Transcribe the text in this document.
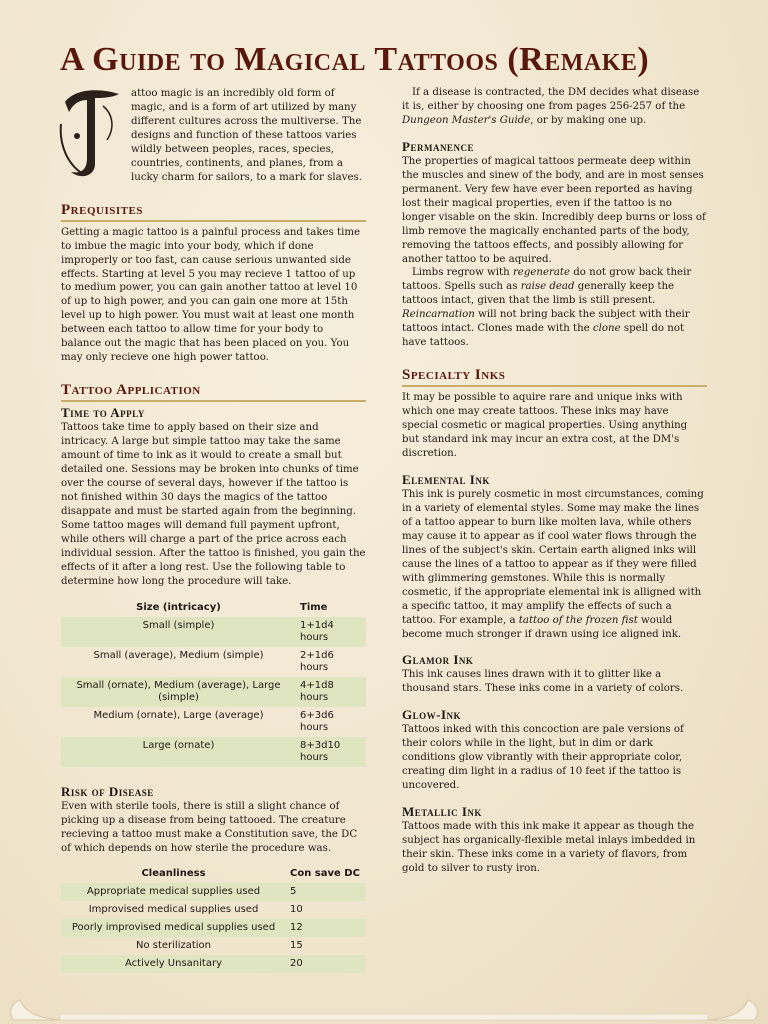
A Guide to Magical Tattoos (Remake)

attoo magic is an incredibly old form of magic, and is a form of art utilized by many different cultures across the multiverse. The designs and function of these tattoos varies wildly between peoples, races, species, countries, continents, and planes, from a lucky charm for sailors, to a mark for slaves.

Prequisites

Getting a magic tattoo is a painful process and takes time to imbue the magic into your body, which if done improperly or too fast, can cause serious unwanted side effects. Starting at level 5 you may recieve 1 tattoo of up to medium power, you can gain another tattoo at level 10 of up to high power, and you can gain one more at 15th level up to high power. You must wait at least one month between each tattoo to allow time for your body to balance out the magic that has been placed on you. You may only recieve one high power tattoo.

Tattoo Application
Time to Apply

Tattoos take time to apply based on their size and intricacy. A large but simple tattoo may take the same amount of time to ink as it would to create a small but detailed one. Sessions may be broken into chunks of time over the course of several days, however if the tattoo is not finished within 30 days the magics of the tattoo disappate and must be started again from the beginning. Some tattoo mages will demand full payment upfront, while others will charge a part of the price across each individual session. After the tattoo is finished, you gain the effects of it after a long rest. Use the following table to determine how long the procedure will take.

Size (intricacy)	Time
Small (simple)	1+1d4 hours
Small (average), Medium (simple)	2+1d6 hours
Small (ornate), Medium (average), Large (simple)	4+1d8 hours
Medium (ornate), Large (average)	6+3d6 hours
Large (ornate)	8+3d10 hours
Risk of Disease

Even with sterile tools, there is still a slight chance of picking up a disease from being tattooed. The creature recieving a tattoo must make a Constitution save, the DC of which depends on how sterile the procedure was.

Cleanliness	Con save DC
Appropriate medical supplies used	5
Improvised medical supplies used	10
Poorly improvised medical supplies used	12
No sterilization	15
Actively Unsanitary	20

If a disease is contracted, the DM decides what disease it is, either by choosing one from pages 256-257 of the Dungeon Master's Guide, or by making one up.

Permanence

The properties of magical tattoos permeate deep within the muscles and sinew of the body, and are in most senses permanent. Very few have ever been reported as having lost their magical properties, even if the tattoo is no longer visable on the skin. Incredibly deep burns or loss of limb remove the magically enchanted parts of the body, removing the tattoos effects, and possibly allowing for another tattoo to be aquired.

Limbs regrow with regenerate do not grow back their tattoos. Spells such as raise dead generally keep the tattoos intact, given that the limb is still present. Reincarnation will not bring back the subject with their tattoos intact. Clones made with the clone spell do not have tattoos.

Specialty Inks

It may be possible to aquire rare and unique inks with which one may create tattoos. These inks may have special cosmetic or magical properties. Using anything but standard ink may incur an extra cost, at the DM's discretion.

Elemental Ink

This ink is purely cosmetic in most circumstances, coming in a variety of elemental styles. Some may make the lines of a tattoo appear to burn like molten lava, while others may cause it to appear as if cool water flows through the lines of the subject's skin. Certain earth aligned inks will cause the lines of a tattoo to appear as if they were filled with glimmering gemstones. While this is normally cosmetic, if the appropriate elemental ink is alligned with a specific tattoo, it may amplify the effects of such a tattoo. For example, a tattoo of the frozen fist would become much stronger if drawn using ice aligned ink.

Glamor Ink

This ink causes lines drawn with it to glitter like a thousand stars. These inks come in a variety of colors.

Glow-Ink

Tattoos inked with this concoction are pale versions of their colors while in the light, but in dim or dark conditions glow vibrantly with their appropriate color, creating dim light in a radius of 10 feet if the tattoo is uncovered.

Metallic Ink

Tattoos made with this ink make it appear as though the subject has organically-flexible metal inlays imbedded in their skin. These inks come in a variety of flavors, from gold to silver to rusty iron.
